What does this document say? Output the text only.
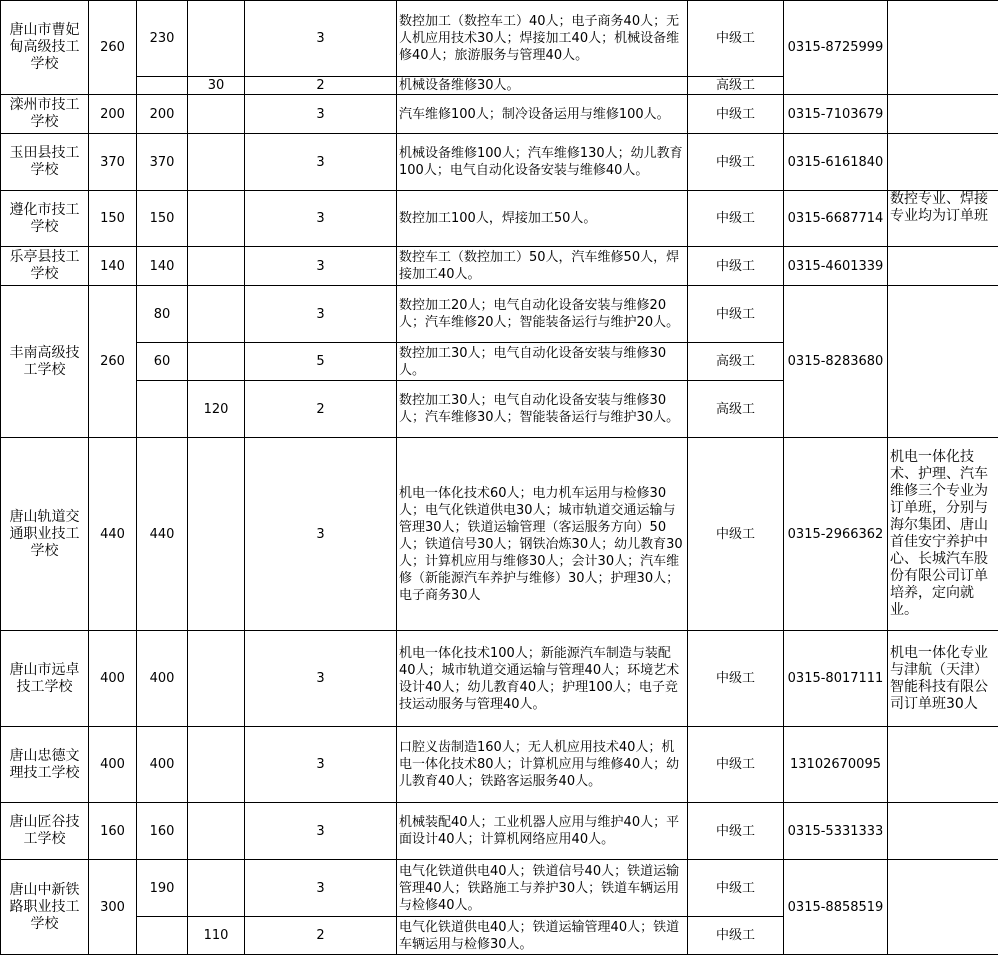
唐山市曹妃甸高级技工学校	260	230		3	数控加工（数控车工）40人；电子商务40人；无人机应用技术30人；焊接加工40人；机械设备维修40人；旅游服务与管理40人。	中级工	0315-8725999	
			30	2	机械设备维修30人。	高级工		
滦州市技工学校	200	200		3	汽车维修100人；制冷设备运用与维修100人。	中级工	0315-7103679	
玉田县技工学校	370	370		3	机械设备维修100人；汽车维修130人；幼儿教育100人；电气自动化设备安装与维修40人。	中级工	0315-6161840	
遵化市技工学校	150	150		3	数控加工100人，焊接加工50人。	中级工	0315-6687714	数控专业、焊接专业均为订单班
乐亭县技工学校	140	140		3	数控车工（数控加工）50人，汽车维修50人，焊接加工40人。	中级工	0315-4601339	
丰南高级技工学校	260	80		3	数控加工20人；电气自动化设备安装与维修20人；汽车维修20人；智能装备运行与维护20人。	中级工	0315-8283680	
		60		5	数控加工30人；电气自动化设备安装与维修30人。	高级工		
			120	2	数控加工30人；电气自动化设备安装与维修30人；汽车维修30人；智能装备运行与维护30人。	高级工		
唐山轨道交通职业技工学校	440	440		3	机电一体化技术60人；电力机车运用与检修30人；电气化铁道供电30人；城市轨道交通运输与管理30人；铁道运输管理（客运服务方向）50人；铁道信号30人；钢铁冶炼30人；幼儿教育30人；计算机应用与维修30人；会计30人；汽车维修（新能源汽车养护与维修）30人；护理30人；电子商务30人	中级工	0315-2966362	机电一体化技术、护理、汽车维修三个专业为订单班，分别与海尔集团、唐山首佳安宁养护中心、长城汽车股份有限公司订单培养，定向就业。
唐山市远卓技工学校	400	400		3	机电一体化技术100人；新能源汽车制造与装配40人；城市轨道交通运输与管理40人；环境艺术设计40人；幼儿教育40人；护理100人；电子竞技运动服务与管理40人。	中级工	0315-8017111	机电一体化专业与津航（天津）智能科技有限公司订单班30人
唐山忠德文理技工学校	400	400		3	口腔义齿制造160人；无人机应用技术40人；机电一体化技术80人；计算机应用与维修40人；幼儿教育40人；铁路客运服务40人。	中级工	13102670095	
唐山匠谷技工学校	160	160		3	机械装配40人；工业机器人应用与维护40人；平面设计40人；计算机网络应用40人。	中级工	0315-5331333	
唐山中新铁路职业技工学校	300	190		3	电气化铁道供电40人；铁道信号40人；铁道运输管理40人；铁路施工与养护30人；铁道车辆运用与检修40人。	中级工	0315-8858519	
			110	2	电气化铁道供电40人；铁道运输管理40人；铁道车辆运用与检修30人。	中级工		
